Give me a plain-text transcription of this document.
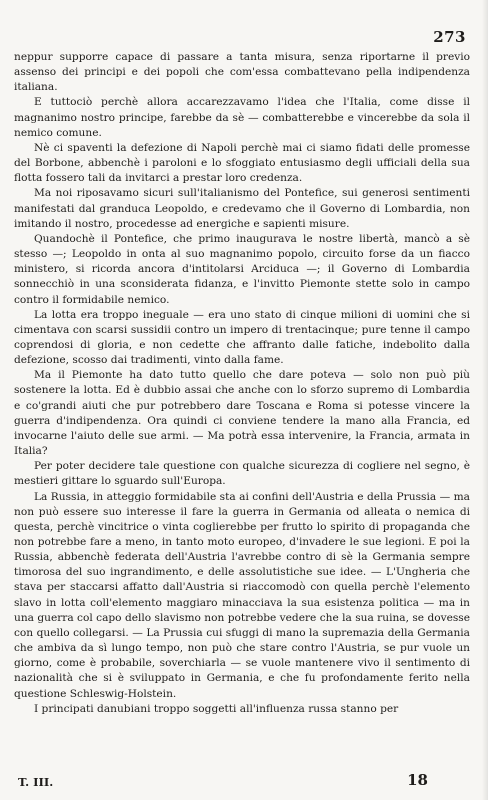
273

neppur supporre capace di passare a tanta misura, senza riportarne il previo assenso dei principi e dei popoli che com'essa combattevano pella indipendenza italiana.

E tuttociò perchè allora accarezzavamo l'idea che l'Italia, come disse il magnanimo nostro principe, farebbe da sè — combatterebbe e vincerebbe da sola il nemico comune.

Nè ci spaventi la defezione di Napoli perchè mai ci siamo fidati delle promesse del Borbone, abbenchè i paroloni e lo sfoggiato entusiasmo degli ufficiali della sua flotta fossero tali da invitarci a prestar loro credenza.

Ma noi riposavamo sicuri sull'italianismo del Pontefice, sui generosi sentimenti manifestati dal granduca Leopoldo, e credevamo che il Governo di Lombardia, non imitando il nostro, procedesse ad energiche e sapienti misure.

Quandochè il Pontefice, che primo inaugurava le nostre libertà, mancò a sè stesso —; Leopoldo in onta al suo magnanimo popolo, circuito forse da un fiacco ministero, si ricorda ancora d'intitolarsi Arciduca —; il Governo di Lombardia sonnecchiò in una sconsiderata fidanza, e l'invitto Piemonte stette solo in campo contro il formidabile nemico.

La lotta era troppo ineguale — era uno stato di cinque milioni di uomini che si cimentava con scarsi sussidii contro un impero di trentacinque; pure tenne il campo coprendosi di gloria, e non cedette che affranto dalle fatiche, indebolito dalla defezione, scosso dai tradimenti, vinto dalla fame.

Ma il Piemonte ha dato tutto quello che dare poteva — solo non può più sostenere la lotta. Ed è dubbio assai che anche con lo sforzo supremo di Lombardia e co'grandi aiuti che pur potrebbero dare Toscana e Roma si potesse vincere la guerra d'indipendenza. Ora quindi ci conviene tendere la mano alla Francia, ed invocarne l'aiuto delle sue armi. — Ma potrà essa intervenire, la Francia, armata in Italia?

Per poter decidere tale questione con qualche sicurezza di cogliere nel segno, è mestieri gittare lo sguardo sull'Europa.

La Russia, in atteggio formidabile sta ai confini dell'Austria e della Prussia — ma non può essere suo interesse il fare la guerra in Germania od alleata o nemica di questa, perchè vincitrice o vinta coglierebbe per frutto lo spirito di propaganda che non potrebbe fare a meno, in tanto moto europeo, d'invadere le sue legioni. E poi la Russia, abbenchè federata dell'Austria l'avrebbe contro di sè la Germania sempre timorosa del suo ingrandimento, e delle assolutistiche sue idee. — L'Ungheria che stava per staccarsi affatto dall'Austria si riaccomodò con quella perchè l'elemento slavo in lotta coll'elemento maggiaro minacciava la sua esistenza politica — ma in una guerra col capo dello slavismo non potrebbe vedere che la sua ruina, se dovesse con quello collegarsi. — La Prussia cui sfuggi di mano la supremazia della Germania che ambiva da sì lungo tempo, non può che stare contro l'Austria, se pur vuole un giorno, come è probabile, soverchiarla — se vuole mantenere vivo il sentimento di nazionalità che si è sviluppato in Germania, e che fu profondamente ferito nella questione Schleswig-Holstein.

I principati danubiani troppo soggetti all'influenza russa stanno per

T. III.	18
